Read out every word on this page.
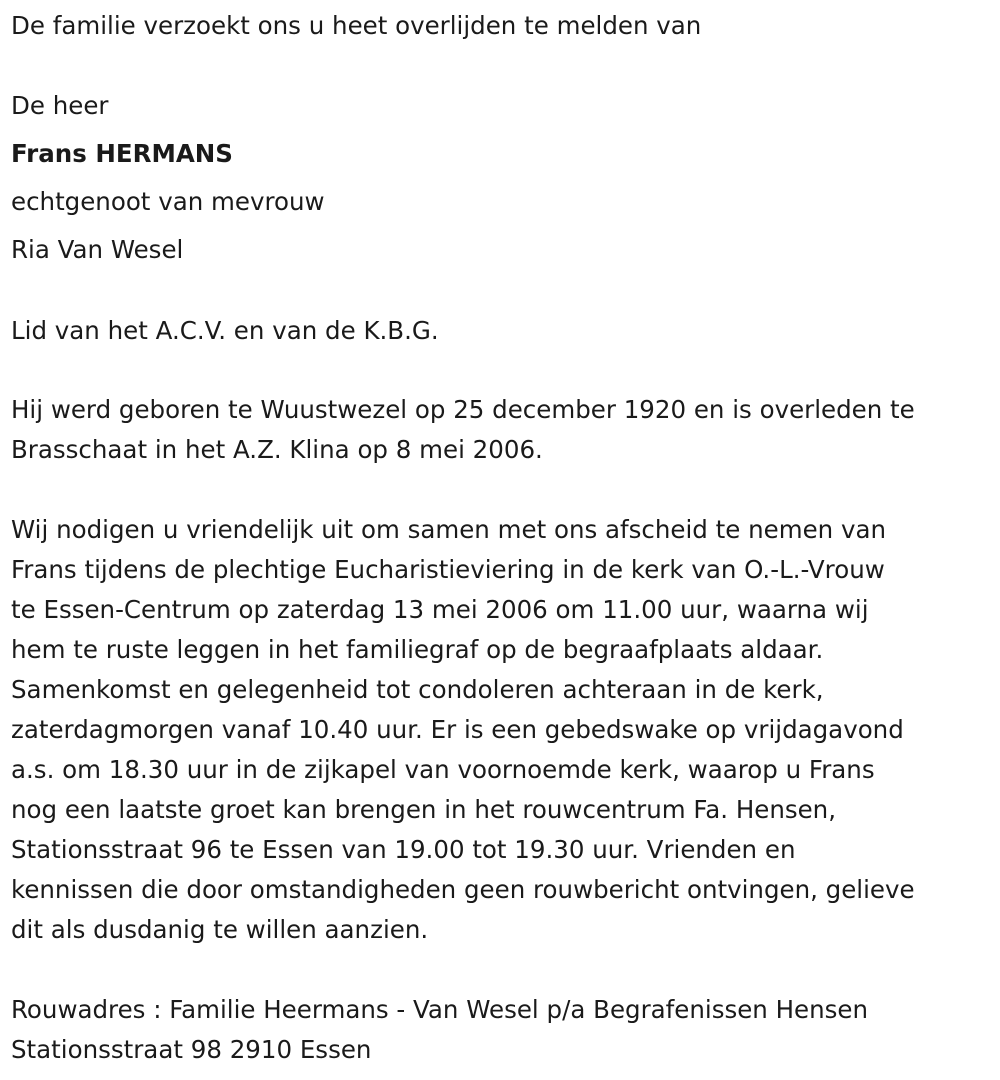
De familie verzoekt ons u heet overlijden te melden van
De heer
Frans HERMANS
echtgenoot van mevrouw
Ria Van Wesel
Lid van het A.C.V. en van de K.B.G.
Hij werd geboren te Wuustwezel op 25 december 1920 en is overleden te
Brasschaat in het A.Z. Klina op 8 mei 2006.
Wij nodigen u vriendelijk uit om samen met ons afscheid te nemen van
Frans tijdens de plechtige Eucharistieviering in de kerk van O.-L.-Vrouw
te Essen-Centrum op zaterdag 13 mei 2006 om 11.00 uur, waarna wij
hem te ruste leggen in het familiegraf op de begraafplaats aldaar.
Samenkomst en gelegenheid tot condoleren achteraan in de kerk,
zaterdagmorgen vanaf 10.40 uur. Er is een gebedswake op vrijdagavond
a.s. om 18.30 uur in de zijkapel van voornoemde kerk, waarop u Frans
nog een laatste groet kan brengen in het rouwcentrum Fa. Hensen,
Stationsstraat 96 te Essen van 19.00 tot 19.30 uur. Vrienden en
kennissen die door omstandigheden geen rouwbericht ontvingen, gelieve
dit als dusdanig te willen aanzien.
Rouwadres : Familie Heermans - Van Wesel p/a Begrafenissen Hensen
Stationsstraat 98 2910 Essen
